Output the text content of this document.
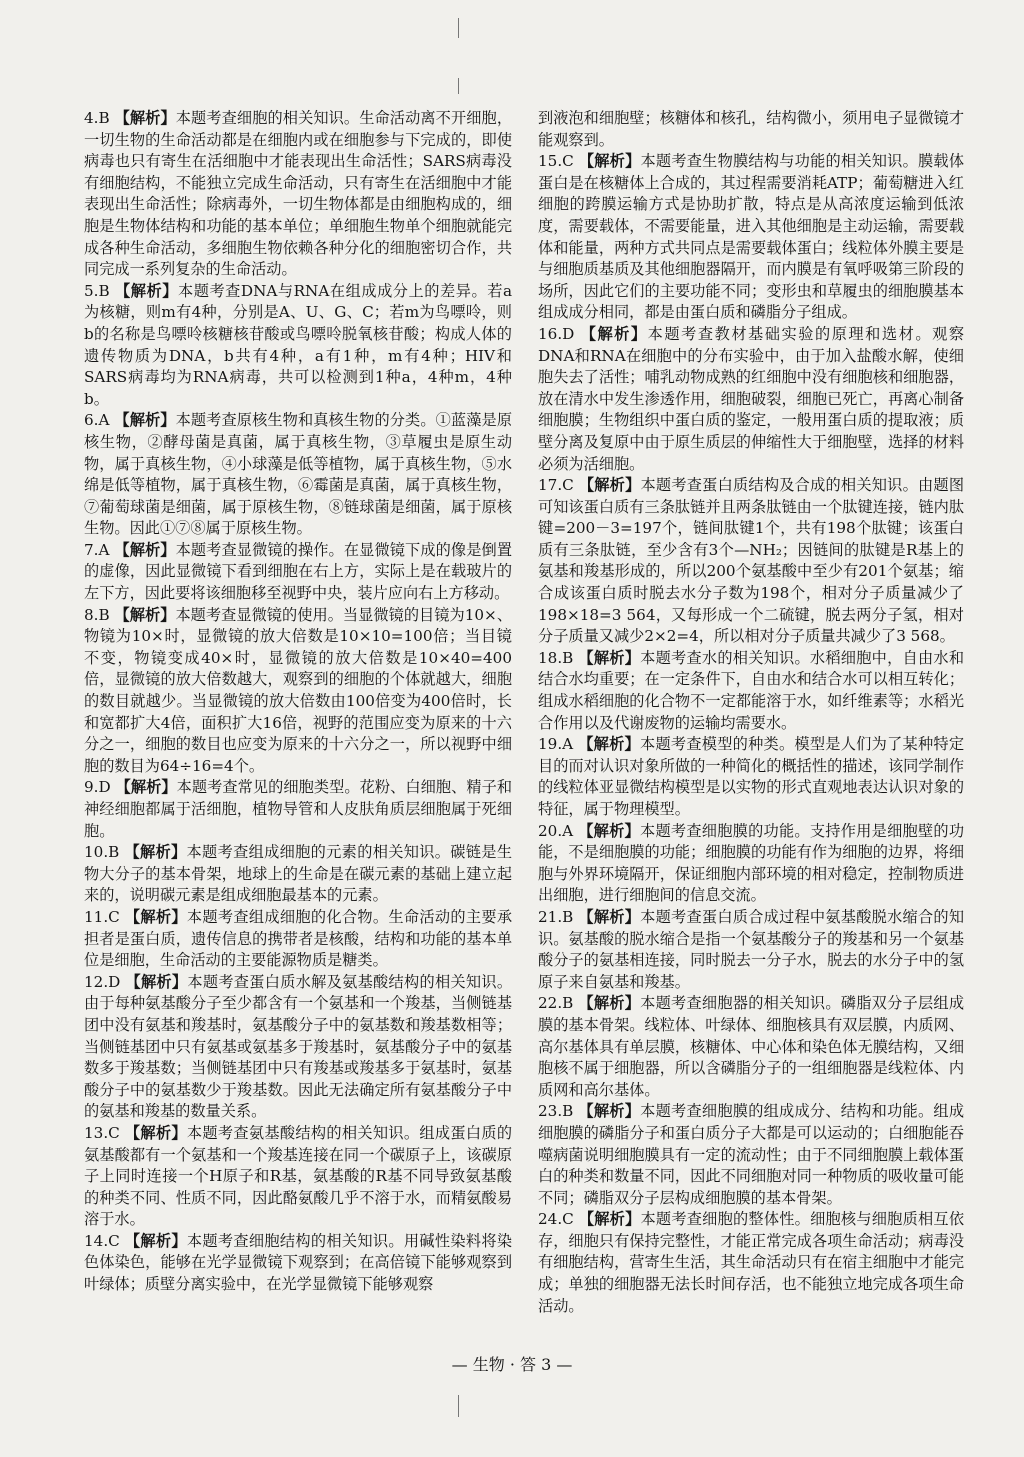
4.B 【解析】本题考查细胞的相关知识。生命活动离不开细胞，一切生物的生命活动都是在细胞内或在细胞参与下完成的，即使病毒也只有寄生在活细胞中才能表现出生命活性；SARS病毒没有细胞结构，不能独立完成生命活动，只有寄生在活细胞中才能表现出生命活性；除病毒外，一切生物体都是由细胞构成的，细胞是生物体结构和功能的基本单位；单细胞生物单个细胞就能完成各种生命活动，多细胞生物依赖各种分化的细胞密切合作，共同完成一系列复杂的生命活动。

5.B 【解析】本题考查DNA与RNA在组成成分上的差异。若a为核糖，则m有4种，分别是A、U、G、C；若m为鸟嘌呤，则b的名称是鸟嘌呤核糖核苷酸或鸟嘌呤脱氧核苷酸；构成人体的遗传物质为DNA，b共有4种，a有1种，m有4种；HIV和SARS病毒均为RNA病毒，共可以检测到1种a，4种m，4种b。

6.A 【解析】本题考查原核生物和真核生物的分类。①蓝藻是原核生物，②酵母菌是真菌，属于真核生物，③草履虫是原生动物，属于真核生物，④小球藻是低等植物，属于真核生物，⑤水绵是低等植物，属于真核生物，⑥霉菌是真菌，属于真核生物，⑦葡萄球菌是细菌，属于原核生物，⑧链球菌是细菌，属于原核生物。因此①⑦⑧属于原核生物。

7.A 【解析】本题考查显微镜的操作。在显微镜下成的像是倒置的虚像，因此显微镜下看到细胞在右上方，实际上是在载玻片的左下方，因此要将该细胞移至视野中央，装片应向右上方移动。

8.B 【解析】本题考查显微镜的使用。当显微镜的目镜为10×、物镜为10×时，显微镜的放大倍数是10×10=100倍；当目镜不变，物镜变成40×时，显微镜的放大倍数是10×40=400倍，显微镜的放大倍数越大，观察到的细胞的个体就越大，细胞的数目就越少。当显微镜的放大倍数由100倍变为400倍时，长和宽都扩大4倍，面积扩大16倍，视野的范围应变为原来的十六分之一，细胞的数目也应变为原来的十六分之一，所以视野中细胞的数目为64÷16=4个。

9.D 【解析】本题考查常见的细胞类型。花粉、白细胞、精子和神经细胞都属于活细胞，植物导管和人皮肤角质层细胞属于死细胞。

10.B 【解析】本题考查组成细胞的元素的相关知识。碳链是生物大分子的基本骨架，地球上的生命是在碳元素的基础上建立起来的，说明碳元素是组成细胞最基本的元素。

11.C 【解析】本题考查组成细胞的化合物。生命活动的主要承担者是蛋白质，遗传信息的携带者是核酸，结构和功能的基本单位是细胞，生命活动的主要能源物质是糖类。

12.D 【解析】本题考查蛋白质水解及氨基酸结构的相关知识。由于每种氨基酸分子至少都含有一个氨基和一个羧基，当侧链基团中没有氨基和羧基时，氨基酸分子中的氨基数和羧基数相等；当侧链基团中只有氨基或氨基多于羧基时，氨基酸分子中的氨基数多于羧基数；当侧链基团中只有羧基或羧基多于氨基时，氨基酸分子中的氨基数少于羧基数。因此无法确定所有氨基酸分子中的氨基和羧基的数量关系。

13.C 【解析】本题考查氨基酸结构的相关知识。组成蛋白质的氨基酸都有一个氨基和一个羧基连接在同一个碳原子上，该碳原子上同时连接一个H原子和R基，氨基酸的R基不同导致氨基酸的种类不同、性质不同，因此酪氨酸几乎不溶于水，而精氨酸易溶于水。

14.C 【解析】本题考查细胞结构的相关知识。用碱性染料将染色体染色，能够在光学显微镜下观察到；在高倍镜下能够观察到叶绿体；质壁分离实验中，在光学显微镜下能够观察

到液泡和细胞壁；核糖体和核孔，结构微小，须用电子显微镜才能观察到。

15.C 【解析】本题考查生物膜结构与功能的相关知识。膜载体蛋白是在核糖体上合成的，其过程需要消耗ATP；葡萄糖进入红细胞的跨膜运输方式是协助扩散，特点是从高浓度运输到低浓度，需要载体，不需要能量，进入其他细胞是主动运输，需要载体和能量，两种方式共同点是需要载体蛋白；线粒体外膜主要是与细胞质基质及其他细胞器隔开，而内膜是有氧呼吸第三阶段的场所，因此它们的主要功能不同；变形虫和草履虫的细胞膜基本组成成分相同，都是由蛋白质和磷脂分子组成。

16.D 【解析】本题考查教材基础实验的原理和选材。观察DNA和RNA在细胞中的分布实验中，由于加入盐酸水解，使细胞失去了活性；哺乳动物成熟的红细胞中没有细胞核和细胞器，放在清水中发生渗透作用，细胞破裂，细胞已死亡，再离心制备细胞膜；生物组织中蛋白质的鉴定，一般用蛋白质的提取液；质壁分离及复原中由于原生质层的伸缩性大于细胞壁，选择的材料必须为活细胞。

17.C 【解析】本题考查蛋白质结构及合成的相关知识。由题图可知该蛋白质有三条肽链并且两条肽链由一个肽键连接，链内肽键=200－3=197个，链间肽键1个，共有198个肽键；该蛋白质有三条肽链，至少含有3个—NH₂；因链间的肽键是R基上的氨基和羧基形成的，所以200个氨基酸中至少有201个氨基；缩合成该蛋白质时脱去水分子数为198个，相对分子质量减少了198×18=3 564，又每形成一个二硫键，脱去两分子氢，相对分子质量又减少2×2=4，所以相对分子质量共减少了3 568。

18.B 【解析】本题考查水的相关知识。水稻细胞中，自由水和结合水均重要；在一定条件下，自由水和结合水可以相互转化；组成水稻细胞的化合物不一定都能溶于水，如纤维素等；水稻光合作用以及代谢废物的运输均需要水。

19.A 【解析】本题考查模型的种类。模型是人们为了某种特定目的而对认识对象所做的一种简化的概括性的描述，该同学制作的线粒体亚显微结构模型是以实物的形式直观地表达认识对象的特征，属于物理模型。

20.A 【解析】本题考查细胞膜的功能。支持作用是细胞壁的功能，不是细胞膜的功能；细胞膜的功能有作为细胞的边界，将细胞与外界环境隔开，保证细胞内部环境的相对稳定，控制物质进出细胞，进行细胞间的信息交流。

21.B 【解析】本题考查蛋白质合成过程中氨基酸脱水缩合的知识。氨基酸的脱水缩合是指一个氨基酸分子的羧基和另一个氨基酸分子的氨基相连接，同时脱去一分子水，脱去的水分子中的氢原子来自氨基和羧基。

22.B 【解析】本题考查细胞器的相关知识。磷脂双分子层组成膜的基本骨架。线粒体、叶绿体、细胞核具有双层膜，内质网、高尔基体具有单层膜，核糖体、中心体和染色体无膜结构，又细胞核不属于细胞器，所以含磷脂分子的一组细胞器是线粒体、内质网和高尔基体。

23.B 【解析】本题考查细胞膜的组成成分、结构和功能。组成细胞膜的磷脂分子和蛋白质分子大都是可以运动的；白细胞能吞噬病菌说明细胞膜具有一定的流动性；由于不同细胞膜上载体蛋白的种类和数量不同，因此不同细胞对同一种物质的吸收量可能不同；磷脂双分子层构成细胞膜的基本骨架。

24.C 【解析】本题考查细胞的整体性。细胞核与细胞质相互依存，细胞只有保持完整性，才能正常完成各项生命活动；病毒没有细胞结构，营寄生生活，其生命活动只有在宿主细胞中才能完成；单独的细胞器无法长时间存活，也不能独立地完成各项生命活动。

— 生物 · 答 3 —
